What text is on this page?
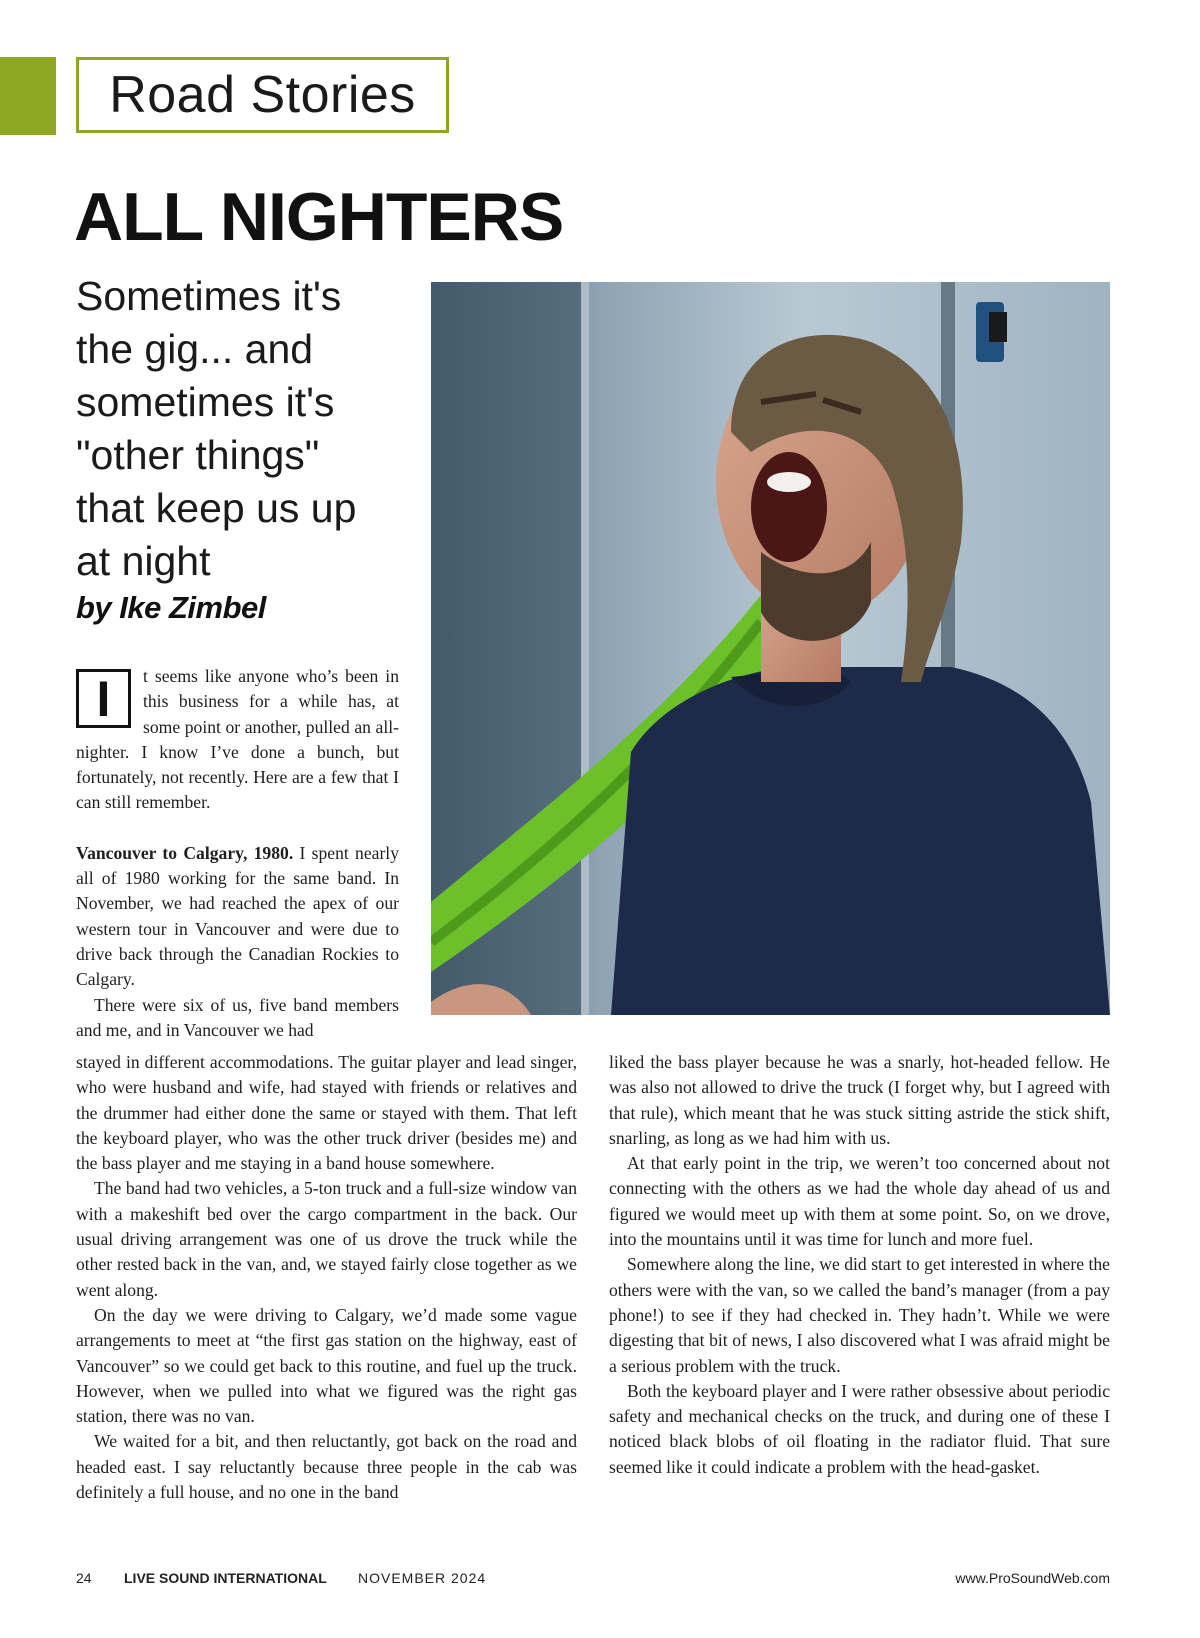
Road Stories
ALL NIGHTERS

Sometimes it's
the gig... and
sometimes it's
"other things"
that keep us up
at night

by Ike Zimbel
I	t seems like anyone who’s been in this business for a while has, at some point or another, pulled an all-nighter. I know I’ve done a bunch, but fortunately, not recently. Here are a few that I can still remember.

Vancouver to Calgary, 1980. I spent nearly all of 1980 working for the same band. In November, we had reached the apex of our western tour in Vancouver and were due to drive back through the Canadian Rockies to Calgary.

There were six of us, five band members and me, and in Vancouver we had

stayed in different accommodations. The guitar player and lead singer, who were husband and wife, had stayed with friends or relatives and the drummer had either done the same or stayed with them. That left the keyboard player, who was the other truck driver (besides me) and the bass player and me staying in a band house somewhere.

The band had two vehicles, a 5-ton truck and a full-size window van with a makeshift bed over the cargo compartment in the back. Our usual driving arrangement was one of us drove the truck while the other rested back in the van, and, we stayed fairly close together as we went along.

On the day we were driving to Calgary, we’d made some vague arrangements to meet at “the first gas station on the highway, east of Vancouver” so we could get back to this routine, and fuel up the truck. However, when we pulled into what we figured was the right gas station, there was no van.

We waited for a bit, and then reluctantly, got back on the road and headed east. I say reluctantly because three people in the cab was definitely a full house, and no one in the band

liked the bass player because he was a snarly, hot-headed fellow. He was also not allowed to drive the truck (I forget why, but I agreed with that rule), which meant that he was stuck sitting astride the stick shift, snarling, as long as we had him with us.

At that early point in the trip, we weren’t too concerned about not connecting with the others as we had the whole day ahead of us and figured we would meet up with them at some point. So, on we drove, into the mountains until it was time for lunch and more fuel.

Somewhere along the line, we did start to get interested in where the others were with the van, so we called the band’s manager (from a pay phone!) to see if they had checked in. They hadn’t. While we were digesting that bit of news, I also discovered what I was afraid might be a serious problem with the truck.

Both the keyboard player and I were rather obsessive about periodic safety and mechanical checks on the truck, and during one of these I noticed black blobs of oil floating in the radiator fluid. That sure seemed like it could indicate a problem with the head-gasket.

24 LIVE SOUND INTERNATIONAL NOVEMBER 2024	www.ProSoundWeb.com
